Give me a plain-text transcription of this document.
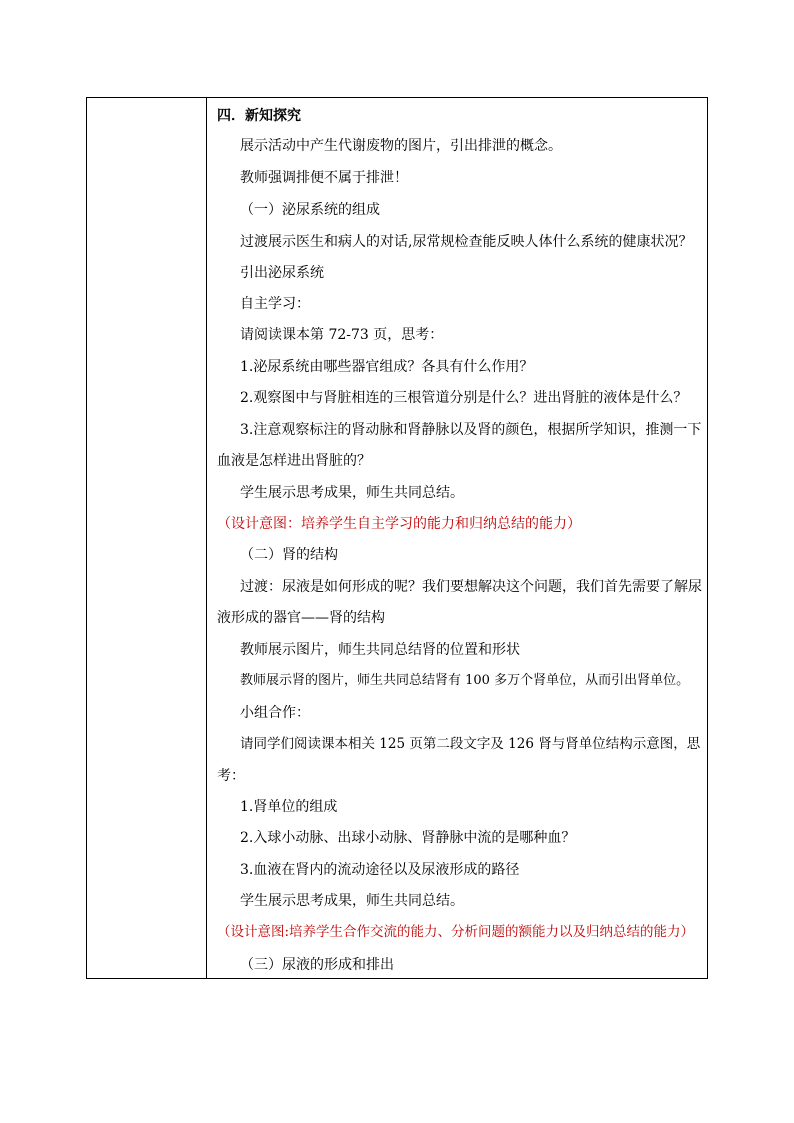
四．新知探究
展示活动中产生代谢废物的图片，引出排泄的概念。
教师强调排便不属于排泄！
（一）泌尿系统的组成
过渡展示医生和病人的对话,尿常规检查能反映人体什么系统的健康状况？
引出泌尿系统
自主学习：
请阅读课本第 72-73 页，思考：
1.泌尿系统由哪些器官组成？各具有什么作用？
2.观察图中与肾脏相连的三根管道分别是什么？进出肾脏的液体是什么？
3.注意观察标注的肾动脉和肾静脉以及肾的颜色，根据所学知识，推测一下
血液是怎样进出肾脏的？
学生展示思考成果，师生共同总结。
（设计意图：培养学生自主学习的能力和归纳总结的能力）
（二）肾的结构
过渡：尿液是如何形成的呢？我们要想解决这个问题，我们首先需要了解尿
液形成的器官——肾的结构
教师展示图片，师生共同总结肾的位置和形状
教师展示肾的图片，师生共同总结肾有 100 多万个肾单位，从而引出肾单位。
小组合作：
请同学们阅读课本相关 125 页第二段文字及 126 肾与肾单位结构示意图，思
考：
1.肾单位的组成
2.入球小动脉、出球小动脉、肾静脉中流的是哪种血？
3.血液在肾内的流动途径以及尿液形成的路径
学生展示思考成果，师生共同总结。
（设计意图:培养学生合作交流的能力、分析问题的额能力以及归纳总结的能力）
（三）尿液的形成和排出
